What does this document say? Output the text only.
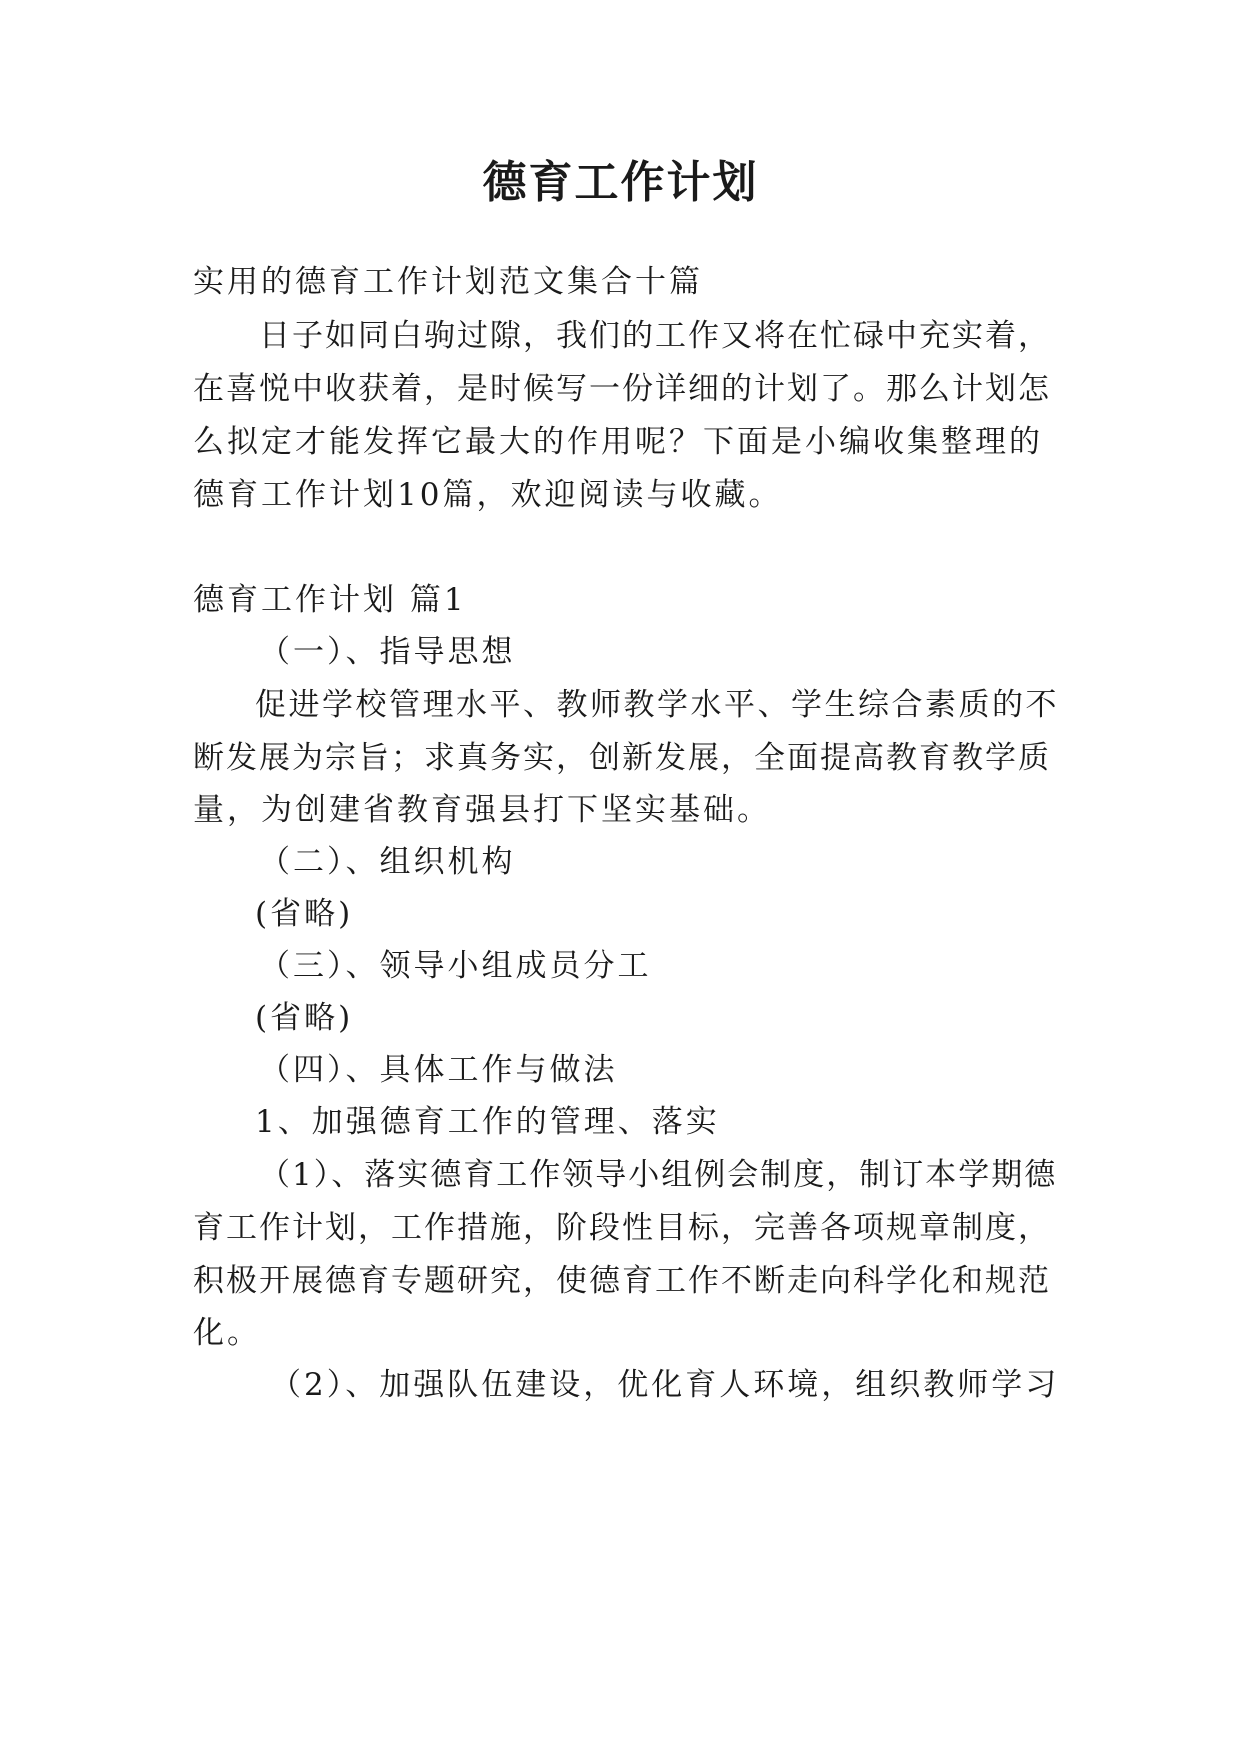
德育工作计划

实用的德育工作计划范文集合十篇

日子如同白驹过隙，我们的工作又将在忙碌中充实着，

在喜悦中收获着，是时候写一份详细的计划了。那么计划怎

么拟定才能发挥它最大的作用呢？下面是小编收集整理的

德育工作计划10篇，欢迎阅读与收藏。

德育工作计划 篇1

（一）、指导思想

促进学校管理水平、教师教学水平、学生综合素质的不

断发展为宗旨；求真务实，创新发展，全面提高教育教学质

量，为创建省教育强县打下坚实基础。

（二）、组织机构

(省略)

（三）、领导小组成员分工

(省略)

（四）、具体工作与做法

1、加强德育工作的管理、落实

（1）、落实德育工作领导小组例会制度，制订本学期德

育工作计划，工作措施，阶段性目标，完善各项规章制度，

积极开展德育专题研究，使德育工作不断走向科学化和规范

化。

（2）、加强队伍建设，优化育人环境，组织教师学习
